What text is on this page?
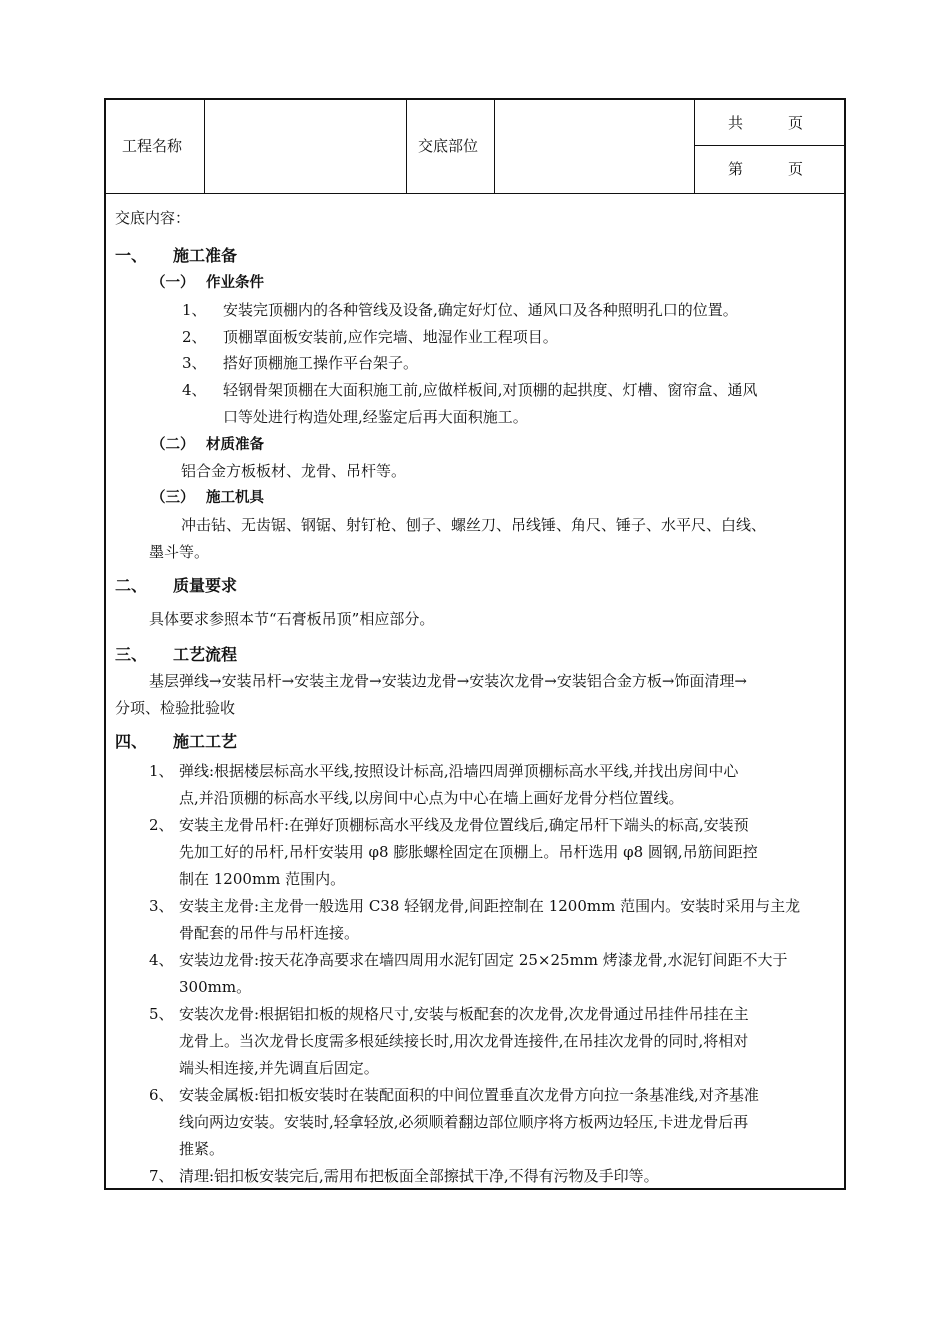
工程名称	交底部位
共　　　页
第　　　页
交底内容：
一、 施工准备
（一） 作业条件
1、 安装完顶棚内的各种管线及设备,确定好灯位、通风口及各种照明孔口的位置。
2、 顶棚罩面板安装前,应作完墙、地湿作业工程项目。
3、 搭好顶棚施工操作平台架子。
4、 轻钢骨架顶棚在大面积施工前,应做样板间,对顶棚的起拱度、灯槽、窗帘盒、通风
口等处进行构造处理,经鉴定后再大面积施工。
（二） 材质准备
铝合金方板板材、龙骨、吊杆等。
（三） 施工机具
冲击钻、无齿锯、钢锯、射钉枪、刨子、螺丝刀、吊线锤、角尺、锤子、水平尺、白线、
墨斗等。
二、 质量要求
具体要求参照本节“石膏板吊顶”相应部分。
三、 工艺流程
基层弹线→安装吊杆→安装主龙骨→安装边龙骨→安装次龙骨→安装铝合金方板→饰面清理→
分项、检验批验收
四、 施工工艺
1、 弹线:根据楼层标高水平线,按照设计标高,沿墙四周弹顶棚标高水平线,并找出房间中心
点,并沿顶棚的标高水平线,以房间中心点为中心在墙上画好龙骨分档位置线。
2、 安装主龙骨吊杆:在弹好顶棚标高水平线及龙骨位置线后,确定吊杆下端头的标高,安装预
先加工好的吊杆,吊杆安装用 φ8 膨胀螺栓固定在顶棚上。吊杆选用 φ8 圆钢,吊筋间距控
制在 1200mm 范围内。
3、 安装主龙骨:主龙骨一般选用 C38 轻钢龙骨,间距控制在 1200mm 范围内。安装时采用与主龙
骨配套的吊件与吊杆连接。
4、 安装边龙骨:按天花净高要求在墙四周用水泥钉固定 25×25mm 烤漆龙骨,水泥钉间距不大于
300mm。
5、 安装次龙骨:根据铝扣板的规格尺寸,安装与板配套的次龙骨,次龙骨通过吊挂件吊挂在主
龙骨上。当次龙骨长度需多根延续接长时,用次龙骨连接件,在吊挂次龙骨的同时,将相对
端头相连接,并先调直后固定。
6、 安装金属板:铝扣板安装时在装配面积的中间位置垂直次龙骨方向拉一条基准线,对齐基准
线向两边安装。安装时,轻拿轻放,必须顺着翻边部位顺序将方板两边轻压,卡进龙骨后再
推紧。
7、 清理:铝扣板安装完后,需用布把板面全部擦拭干净,不得有污物及手印等。
